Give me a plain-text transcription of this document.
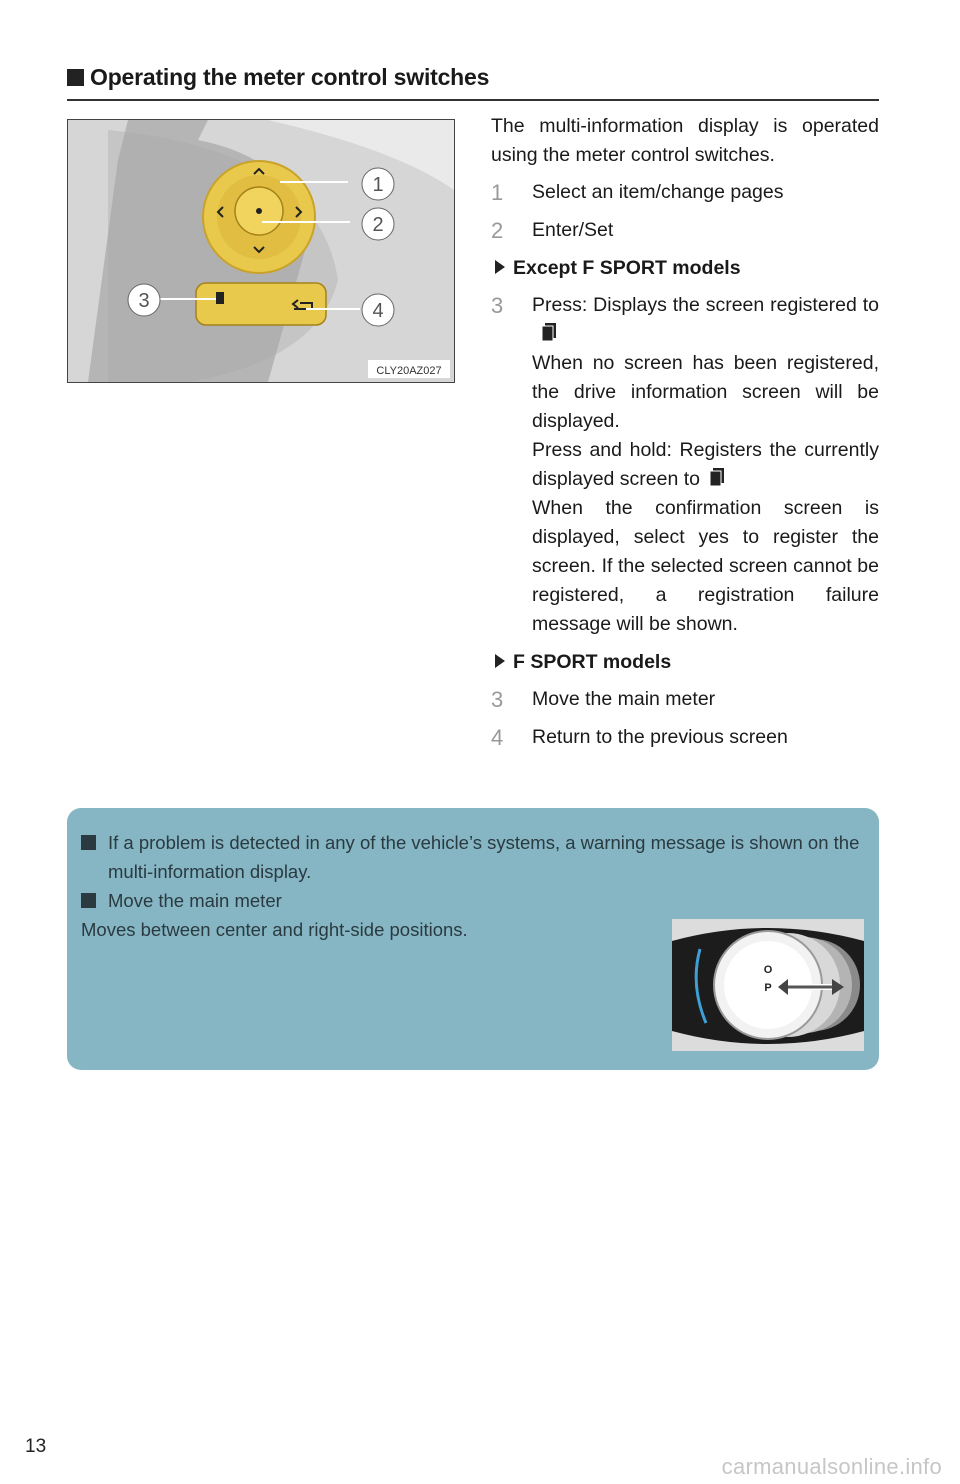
Operating the meter control switches
1
2
3	4
CLY20AZ027

The multi-information display is operated using the meter control switches.

1 Select an item/change pages

2 Enter/Set

Except F SPORT models
3 Press: Displays the screen registered to

When no screen has been registered, the drive information screen will be displayed.

Press and hold: Registers the currently displayed screen to

When the confirmation screen is displayed, select yes to register the screen. If the selected screen cannot be registered, a registration failure message will be shown.

F SPORT models
3 Move the main meter

4 Return to the previous screen

If a problem is detected in any of the vehicle’s systems, a warning message is shown on the multi-information display.
Move the main meter
Moves between center and right-side positions.
O
P
13
carmanualsonline.info
